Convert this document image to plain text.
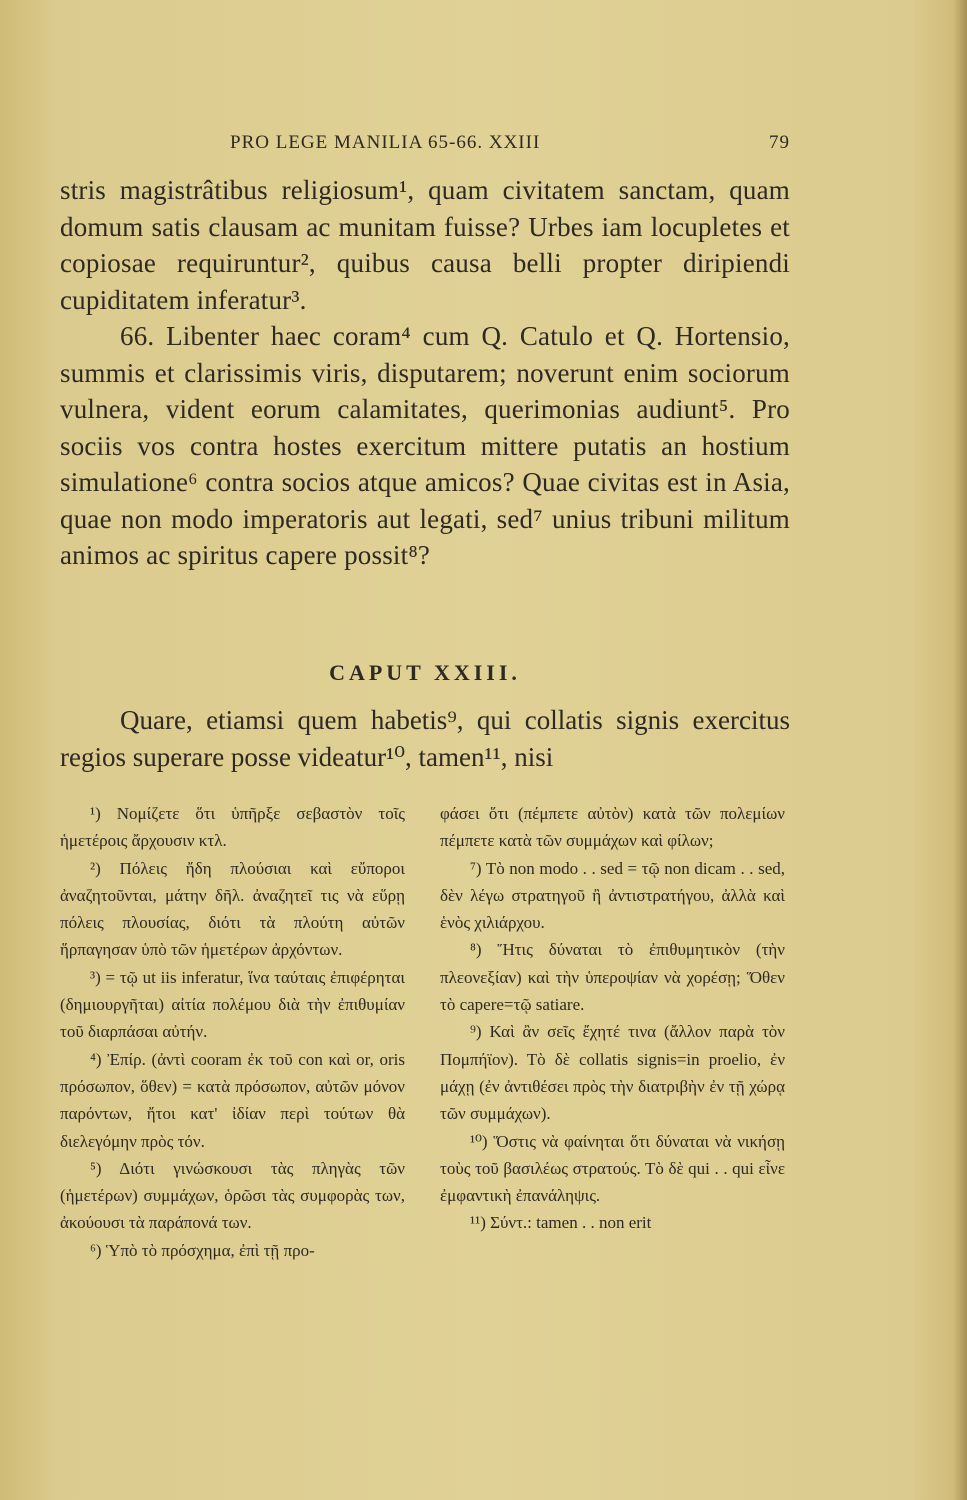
PRO LEGE MANILIA 65-66. XXIII	79

stris magistrâtibus religiosum¹, quam civitatem sanctam, quam domum satis clausam ac munitam fuisse? Urbes iam locupletes et copiosae requiruntur², quibus causa belli propter diripiendi cupiditatem inferatur³.

66. Libenter haec coram⁴ cum Q. Catulo et Q. Hortensio, summis et clarissimis viris, disputarem; noverunt enim sociorum vulnera, vident eorum calamitates, querimonias audiunt⁵. Pro sociis vos contra hostes exercitum mittere putatis an hostium simulatione⁶ contra socios atque amicos? Quae civitas est in Asia, quae non modo imperatoris aut legati, sed⁷ unius tribuni militum animos ac spiritus capere possit⁸?

CAPUT XXIII.

Quare, etiamsi quem habetis⁹, qui collatis signis exercitus regios superare posse videatur¹⁰, tamen¹¹, nisi

¹) Νομίζετε ὅτι ὑπῆρξε σεβαστὸν τοῖς ἡμετέροις ἄρχουσιν κτλ.

²) Πόλεις ἤδη πλούσιαι καὶ εὔποροι ἀναζητοῦνται, μάτην δῆλ. ἀναζητεῖ τις νὰ εὕρῃ πόλεις πλουσίας, διότι τὰ πλούτη αὐτῶν ἥρπαγησαν ὑπὸ τῶν ἡμετέρων ἀρχόντων.

³) = τῷ ut iis inferatur, ἵνα ταύταις ἐπιφέρηται (δημιουργῆται) αἰτία πολέμου διὰ τὴν ἐπιθυμίαν τοῦ διαρπάσαι αὐτήν.

⁴) Ἐπίρ. (ἀντὶ cooram ἐκ τοῦ con καὶ or, oris πρόσωπον, ὅθεν) = κατὰ πρόσωπον, αὐτῶν μόνον παρόντων, ἤτοι κατ' ἰδίαν περὶ τούτων θὰ διελεγόμην πρὸς τόν.

⁵) Διότι γινώσκουσι τὰς πληγὰς τῶν (ἡμετέρων) συμμάχων, ὁρῶσι τὰς συμφορὰς των, ἀκούουσι τὰ παράπονά των.

⁶) Ὑπὸ τὸ πρόσχημα, ἐπὶ τῇ προ-

φάσει ὅτι (πέμπετε αὐτὸν) κατὰ τῶν πολεμίων πέμπετε κατὰ τῶν συμμάχων καὶ φίλων;

⁷) Τὸ non modo . . sed = τῷ non dicam . . sed, δὲν λέγω στρατηγοῦ ἢ ἀντιστρατήγου, ἀλλὰ καὶ ἑνὸς χιλιάρχου.

⁸) Ἥτις δύναται τὸ ἐπιθυμητικὸν (τὴν πλεονεξίαν) καὶ τὴν ὑπεροψίαν νὰ χορέσῃ; Ὅθεν τὸ capere=τῷ satiare.

⁹) Καὶ ἂν σεῖς ἔχητέ τινα (ἄλλον παρὰ τὸν Πομπήϊον). Τὸ δὲ collatis signis=in proelio, ἐν μάχῃ (ἐν ἀντιθέσει πρὸς τὴν διατριβὴν ἐν τῇ χώρᾳ τῶν συμμάχων).

¹⁰) Ὅστις νὰ φαίνηται ὅτι δύναται νὰ νικήσῃ τοὺς τοῦ βασιλέως στρατούς. Τὸ δὲ qui . . qui εἶνε ἐμφαντικὴ ἐπανάληψις.

¹¹) Σύντ.: tamen . . non erit
